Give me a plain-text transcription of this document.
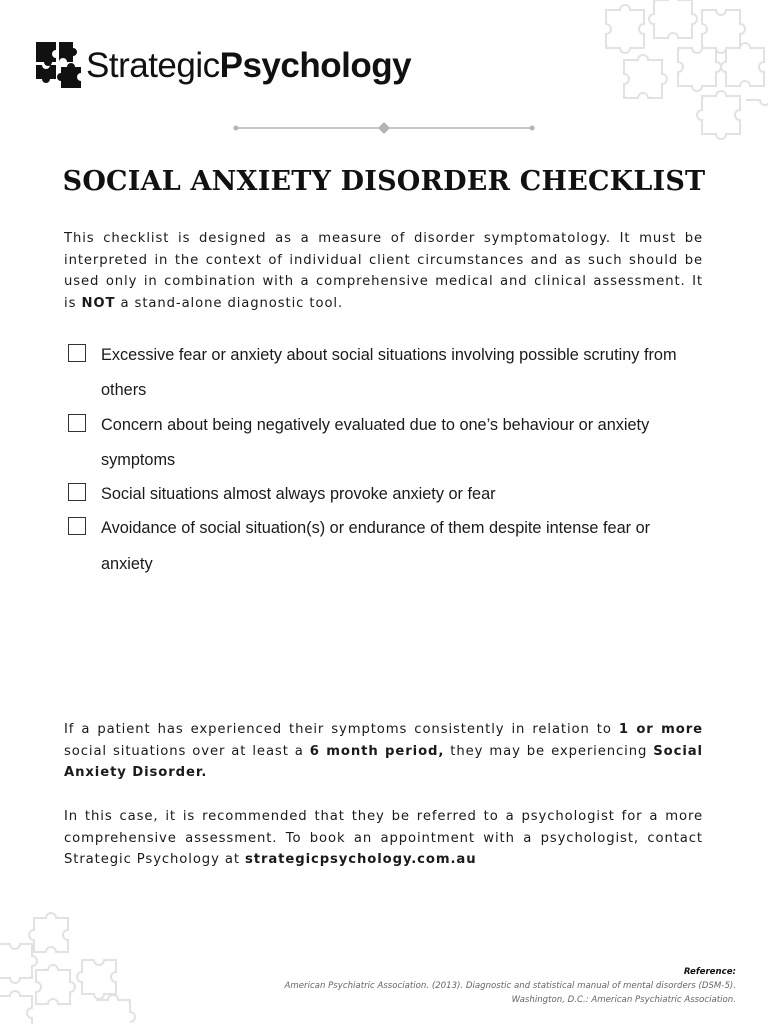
StrategicPsychology
SOCIAL ANXIETY DISORDER CHECKLIST
This checklist is designed as a measure of disorder symptomatology. It must be interpreted in the context of individual client circumstances and as such should be used only in combination with a comprehensive medical and clinical assessment. It is NOT a stand-alone diagnostic tool.
Excessive fear or anxiety about social situations involving possible scrutiny from others
Concern about being negatively evaluated due to one’s behaviour or anxiety symptoms
Social situations almost always provoke anxiety or fear
Avoidance of social situation(s) or endurance of them despite intense fear or anxiety
If a patient has experienced their symptoms consistently in relation to 1 or more social situations over at least a 6 month period, they may be experiencing Social Anxiety Disorder.
In this case, it is recommended that they be referred to a psychologist for a more comprehensive assessment. To book an appointment with a psychologist, contact Strategic Psychology at strategicpsychology.com.au
Reference:
American Psychiatric Association. (2013). Diagnostic and statistical manual of mental disorders (DSM-5).
Washington, D.C.: American Psychiatric Association.
